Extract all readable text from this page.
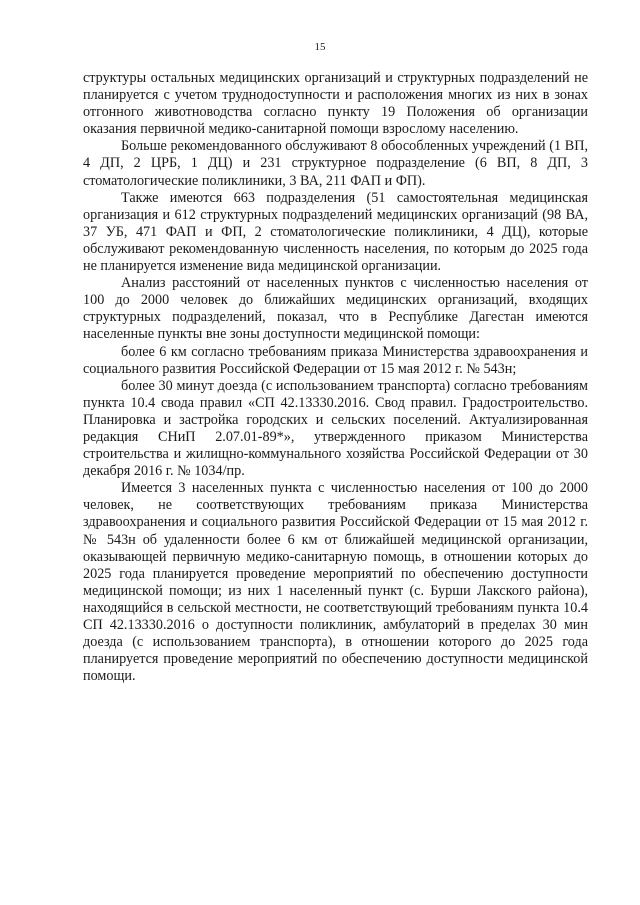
15

структуры остальных медицинских организаций и структурных подразделений не планируется с учетом труднодоступности и расположения многих из них в зонах отгонного животноводства согласно пункту 19 Положения об организации оказания первичной медико-санитарной помощи взрослому населению.

Больше рекомендованного обслуживают 8 обособленных учреждений (1 ВП, 4 ДП, 2 ЦРБ, 1 ДЦ) и 231 структурное подразделение (6 ВП, 8 ДП, 3 стоматологические поликлиники, 3 ВА, 211 ФАП и ФП).

Также имеются 663 подразделения (51 самостоятельная медицинская организация и 612 структурных подразделений медицинских организаций (98 ВА, 37 УБ, 471 ФАП и ФП, 2 стоматологические поликлиники, 4 ДЦ), которые обслуживают рекомендованную численность населения, по которым до 2025 года не планируется изменение вида медицинской организации.

Анализ расстояний от населенных пунктов с численностью населения от 100 до 2000 человек до ближайших медицинских организаций, входящих структурных подразделений, показал, что в Республике Дагестан имеются населенные пункты вне зоны доступности медицинской помощи:

более 6 км согласно требованиям приказа Министерства здравоохранения и социального развития Российской Федерации от 15 мая 2012 г. № 543н;

более 30 минут доезда (с использованием транспорта) согласно требованиям пункта 10.4 свода правил «СП 42.13330.2016. Свод правил. Градостроительство. Планировка и застройка городских и сельских поселений. Актуализированная редакция СНиП 2.07.01-89*», утвержденного приказом Министерства строительства и жилищно-коммунального хозяйства Российской Федерации от 30 декабря 2016 г. № 1034/пр.

Имеется 3 населенных пункта с численностью населения от 100 до 2000 человек, не соответствующих требованиям приказа Министерства здравоохранения и социального развития Российской Федерации от 15 мая 2012 г. № 543н об удаленности более 6 км от ближайшей медицинской организации, оказывающей первичную медико-санитарную помощь, в отношении которых до 2025 года планируется проведение мероприятий по обеспечению доступности медицинской помощи; из них 1 населенный пункт (с. Бурши Лакского района), находящийся в сельской местности, не соответствующий требованиям пункта 10.4 СП 42.13330.2016 о доступности поликлиник, амбулаторий в пределах 30 мин доезда (с использованием транспорта), в отношении которого до 2025 года планируется проведение мероприятий по обеспечению доступности медицинской помощи.
